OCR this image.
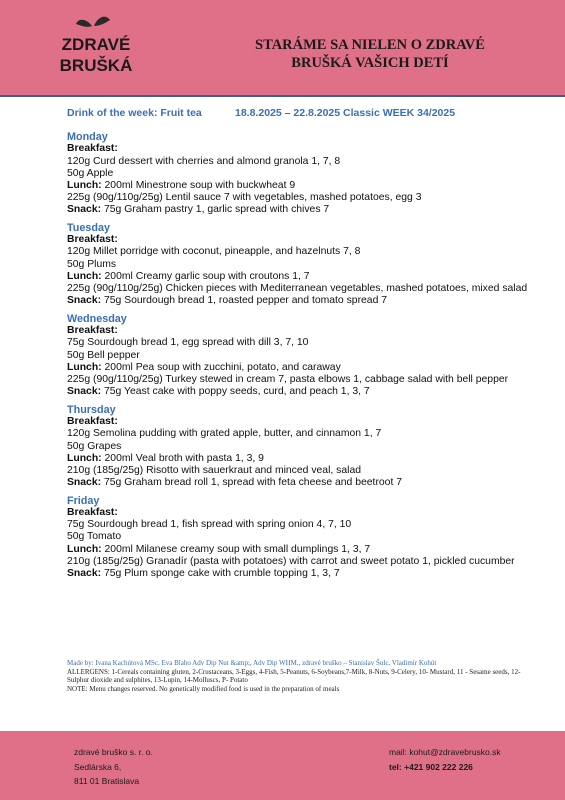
ZDRAVÉ
BRUŠKÁ
STARÁME SA NIELEN O ZDRAVÉ
BRUŠKÁ VAŠICH DETÍ
Drink of the week: Fruit tea	18.8.2025 – 22.8.2025 Classic WEEK 34/2025
Monday
Breakfast:
120g Curd dessert with cherries and almond granola 1, 7, 8
50g Apple
Lunch: 200ml Minestrone soup with buckwheat 9
225g (90g/110g/25g) Lentil sauce 7 with vegetables, mashed potatoes, egg 3
Snack: 75g Graham pastry 1, garlic spread with chives 7
Tuesday
Breakfast:
120g Millet porridge with coconut, pineapple, and hazelnuts 7, 8
50g Plums
Lunch: 200ml Creamy garlic soup with croutons 1, 7
225g (90g/110g/25g) Chicken pieces with Mediterranean vegetables, mashed potatoes, mixed salad
Snack: 75g Sourdough bread 1, roasted pepper and tomato spread 7
Wednesday
Breakfast:
75g Sourdough bread 1, egg spread with dill 3, 7, 10
50g Bell pepper
Lunch: 200ml Pea soup with zucchini, potato, and caraway
225g (90g/110g/25g) Turkey stewed in cream 7, pasta elbows 1, cabbage salad with bell pepper
Snack: 75g Yeast cake with poppy seeds, curd, and peach 1, 3, 7
Thursday
Breakfast:
120g Semolina pudding with grated apple, butter, and cinnamon 1, 7
50g Grapes
Lunch: 200ml Veal broth with pasta 1, 3, 9
210g (185g/25g) Risotto with sauerkraut and minced veal, salad
Snack: 75g Graham bread roll 1, spread with feta cheese and beetroot 7
Friday
Breakfast:
75g Sourdough bread 1, fish spread with spring onion 4, 7, 10
50g Tomato
Lunch: 200ml Milanese creamy soup with small dumplings 1, 3, 7
210g (185g/25g) Granadír (pasta with potatoes) with carrot and sweet potato 1, pickled cucumber
Snack: 75g Plum sponge cake with crumble topping 1, 3, 7
Made by: Ivana Kachútová MSc, Eva Blaho Adv Dip Nut &amp;, Adv Dip WHM,, zdravé bruško – Stanislav Šulc, Vladimír Kohút
ALLERGENS: 1-Cereals containing gluten, 2-Crustaceans, 3-Eggs, 4-Fish, 5-Peanuts, 6-Soybeans,7-Milk, 8-Nuts, 9-Celery, 10- Mustard, 11 - Sesame seeds, 12-Sulphur dioxide and sulphites, 13-Lupin, 14-Molluscs, P- Potato
NOTE: Menu changes reserved. No genetically modified food is used in the preparation of meals
zdravé bruško s. r. o.
Sedlárska 6,
811 01 Bratislava
mail: kohut@zdravebrusko.sk
tel: +421 902 222 226
